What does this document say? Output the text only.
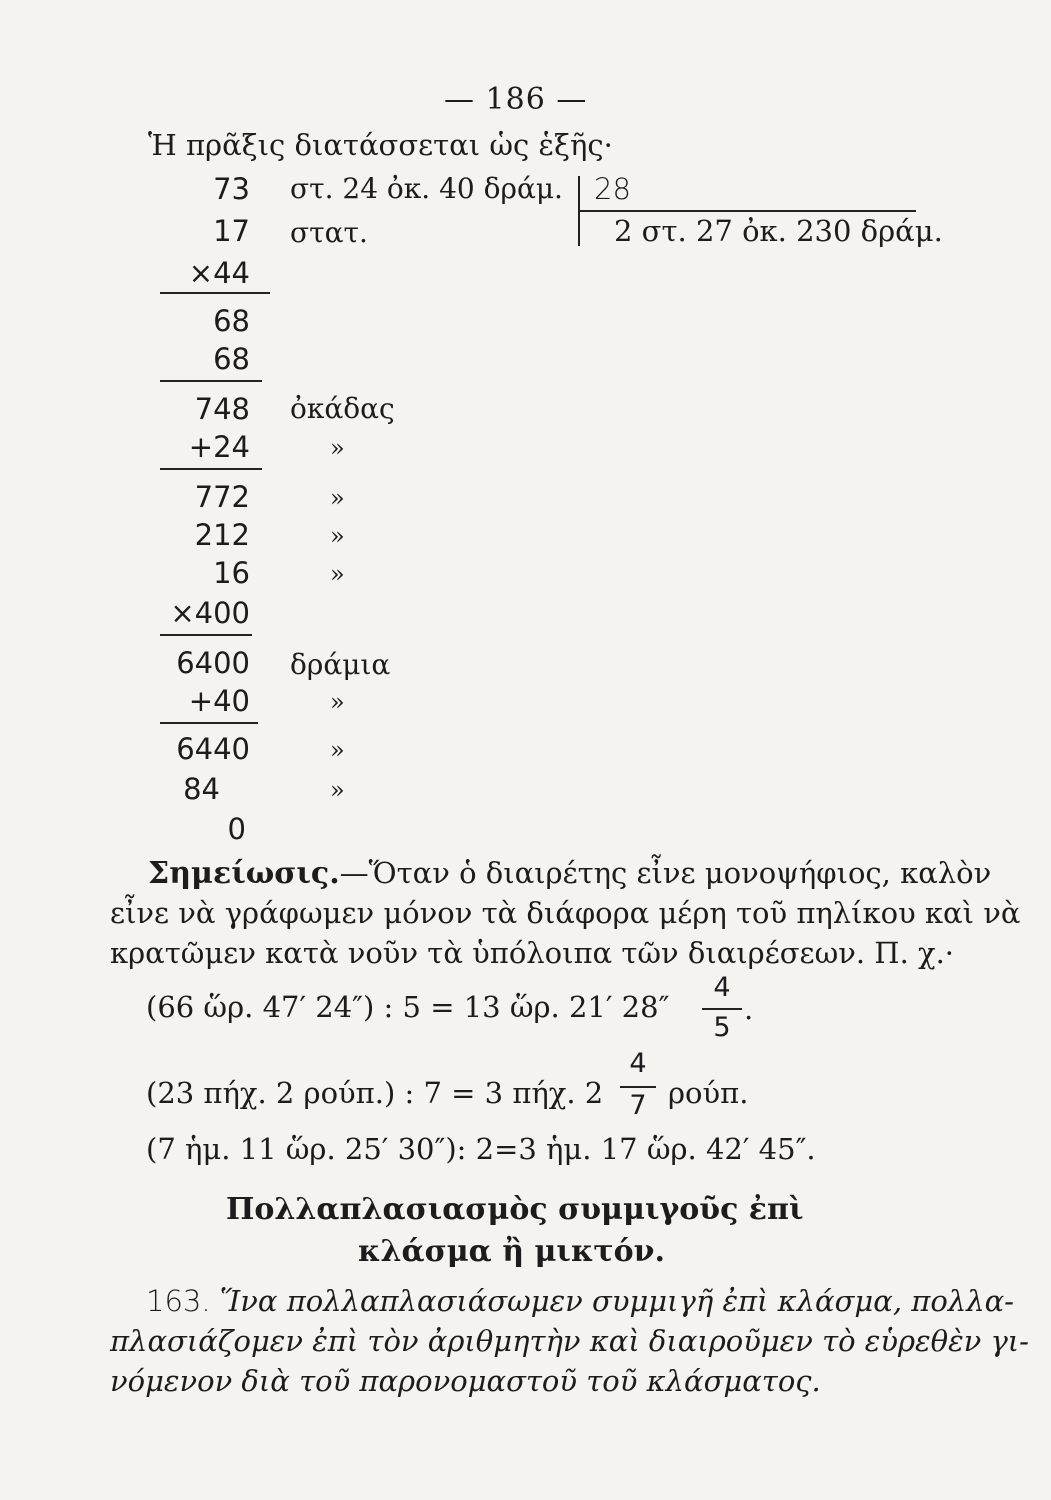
— 186 —
Ἡ πρᾶξις διατάσσεται ὡς ἑξῆς·
73 στ. 24 ὀκ. 40 δράμ. 28
2 στ. 27 ὀκ. 230 δράμ.
17 στατ.
×44
68
68
748 ὀκάδας
+24	»
772	»
212	»
16	»
×400
6400 δράμια
+40	»
6440	»
84	»
0
Σημείωσις.—Ὅταν ὁ διαιρέτης εἶνε μονοψήφιος, καλὸν
εἶνε νὰ γράφωμεν μόνον τὰ διάφορα μέρη τοῦ πηλίκου καὶ νὰ
κρατῶμεν κατὰ νοῦν τὰ ὑπόλοιπα τῶν διαιρέσεων. Π. χ.·
(66 ὥρ. 47′ 24″) : 5 = 13 ὥρ. 21′ 28″
4
5
.
(23 πήχ. 2 ρούπ.) : 7 = 3 πήχ. 2
4
7 ρούπ.
(7 ἡμ. 11 ὥρ. 25′ 30″): 2=3 ἡμ. 17 ὥρ. 42′ 45″.
Πολλαπλασιασμὸς συμμιγοῦς ἐπὶ
κλάσμα ἢ μικτόν.
163. Ἵνα πολλαπλασιάσωμεν συμμιγῆ ἐπὶ κλάσμα, πολλα-
πλασιάζομεν ἐπὶ τὸν ἀριθμητὴν καὶ διαιροῦμεν τὸ εὑρεθὲν γι-
νόμενον διὰ τοῦ παρονομαστοῦ τοῦ κλάσματος.
